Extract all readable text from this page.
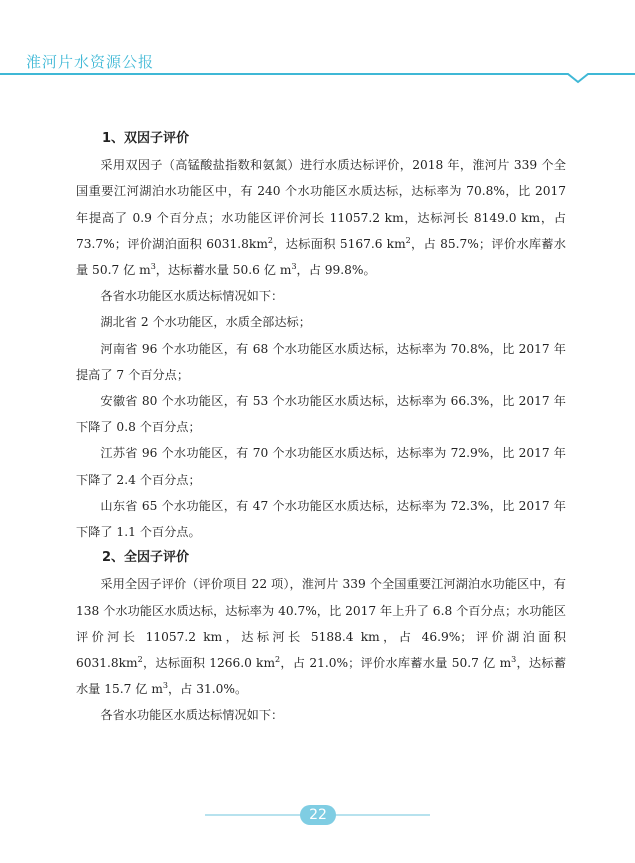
淮河片水资源公报
1、双因子评价

采用双因子（高锰酸盐指数和氨氮）进行水质达标评价，2018 年，淮河片 339 个全国重要江河湖泊水功能区中，有 240 个水功能区水质达标，达标率为 70.8%，比 2017 年提高了 0.9 个百分点；水功能区评价河长 11057.2 km，达标河长 8149.0 km，占 73.7%；评价湖泊面积 $6031.8km^2$，达标面积 5167.6 $km^2$，占 85.7%；评价水库蓄水量 50.7 亿 $m^3$，达标蓄水量 50.6 亿 $m^3$，占 99.8%。

各省水功能区水质达标情况如下：

湖北省 2 个水功能区，水质全部达标；

河南省 96 个水功能区，有 68 个水功能区水质达标，达标率为 70.8%，比 2017 年提高了 7 个百分点；

安徽省 80 个水功能区，有 53 个水功能区水质达标，达标率为 66.3%，比 2017 年下降了 0.8 个百分点；

江苏省 96 个水功能区，有 70 个水功能区水质达标，达标率为 72.9%，比 2017 年下降了 2.4 个百分点；

山东省 65 个水功能区，有 47 个水功能区水质达标，达标率为 72.3%，比 2017 年下降了 1.1 个百分点。

2、全因子评价

采用全因子评价（评价项目 22 项），淮河片 339 个全国重要江河湖泊水功能区中，有 138 个水功能区水质达标，达标率为 40.7%，比 2017 年上升了 6.8 个百分点；水功能区评价河长 11057.2 km，达标河长 5188.4 km，占 46.9%；评价湖泊面积 $6031.8km^2$，达标面积 1266.0 $km^2$，占 21.0%；评价水库蓄水量 50.7 亿 $m^3$，达标蓄水量 15.7 亿 $m^3$，占 31.0%。

各省水功能区水质达标情况如下：

22
